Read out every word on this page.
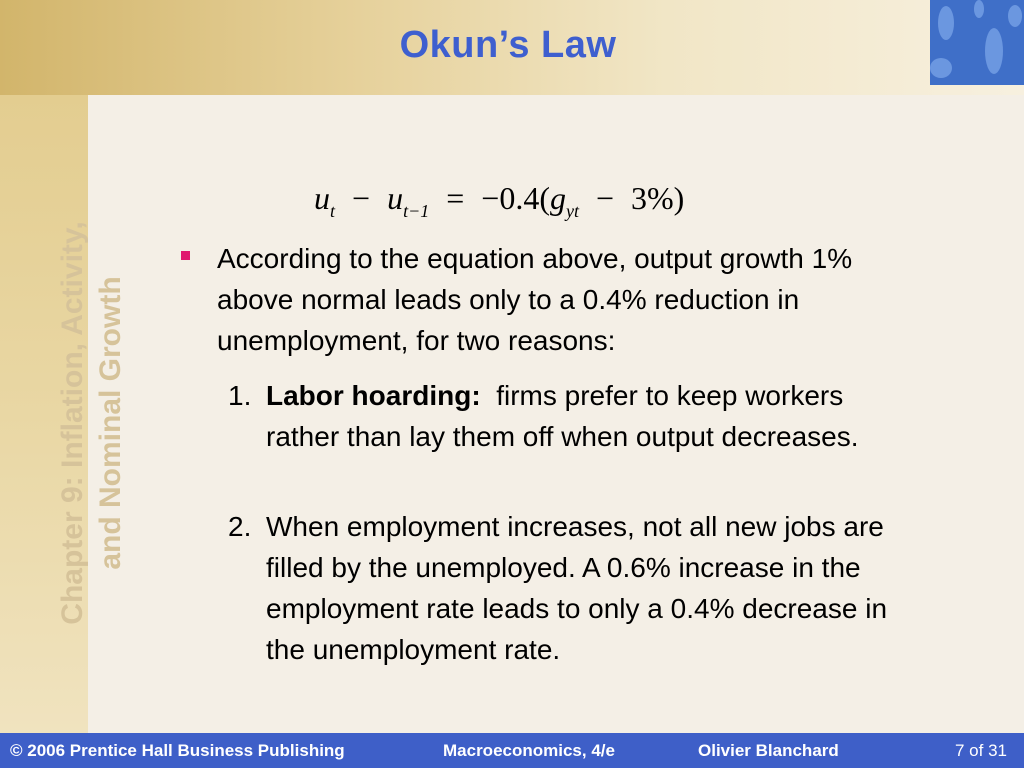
Okun’s Law
Chapter 9: Inflation, Activity, and Nominal Growth
$u_t - u_{t-1} = -0.4(g_{yt} - 3\%)$
According to the equation above, output growth 1% above normal leads only to a 0.4% reduction in unemployment, for two reasons:
1. Labor hoarding: firms prefer to keep workers rather than lay them off when output decreases.
2. When employment increases, not all new jobs are filled by the unemployed. A 0.6% increase in the employment rate leads to only a 0.4% decrease in the unemployment rate.
© 2006 Prentice Hall Business Publishing	Macroeconomics, 4/e	Olivier Blanchard	7 of 31
